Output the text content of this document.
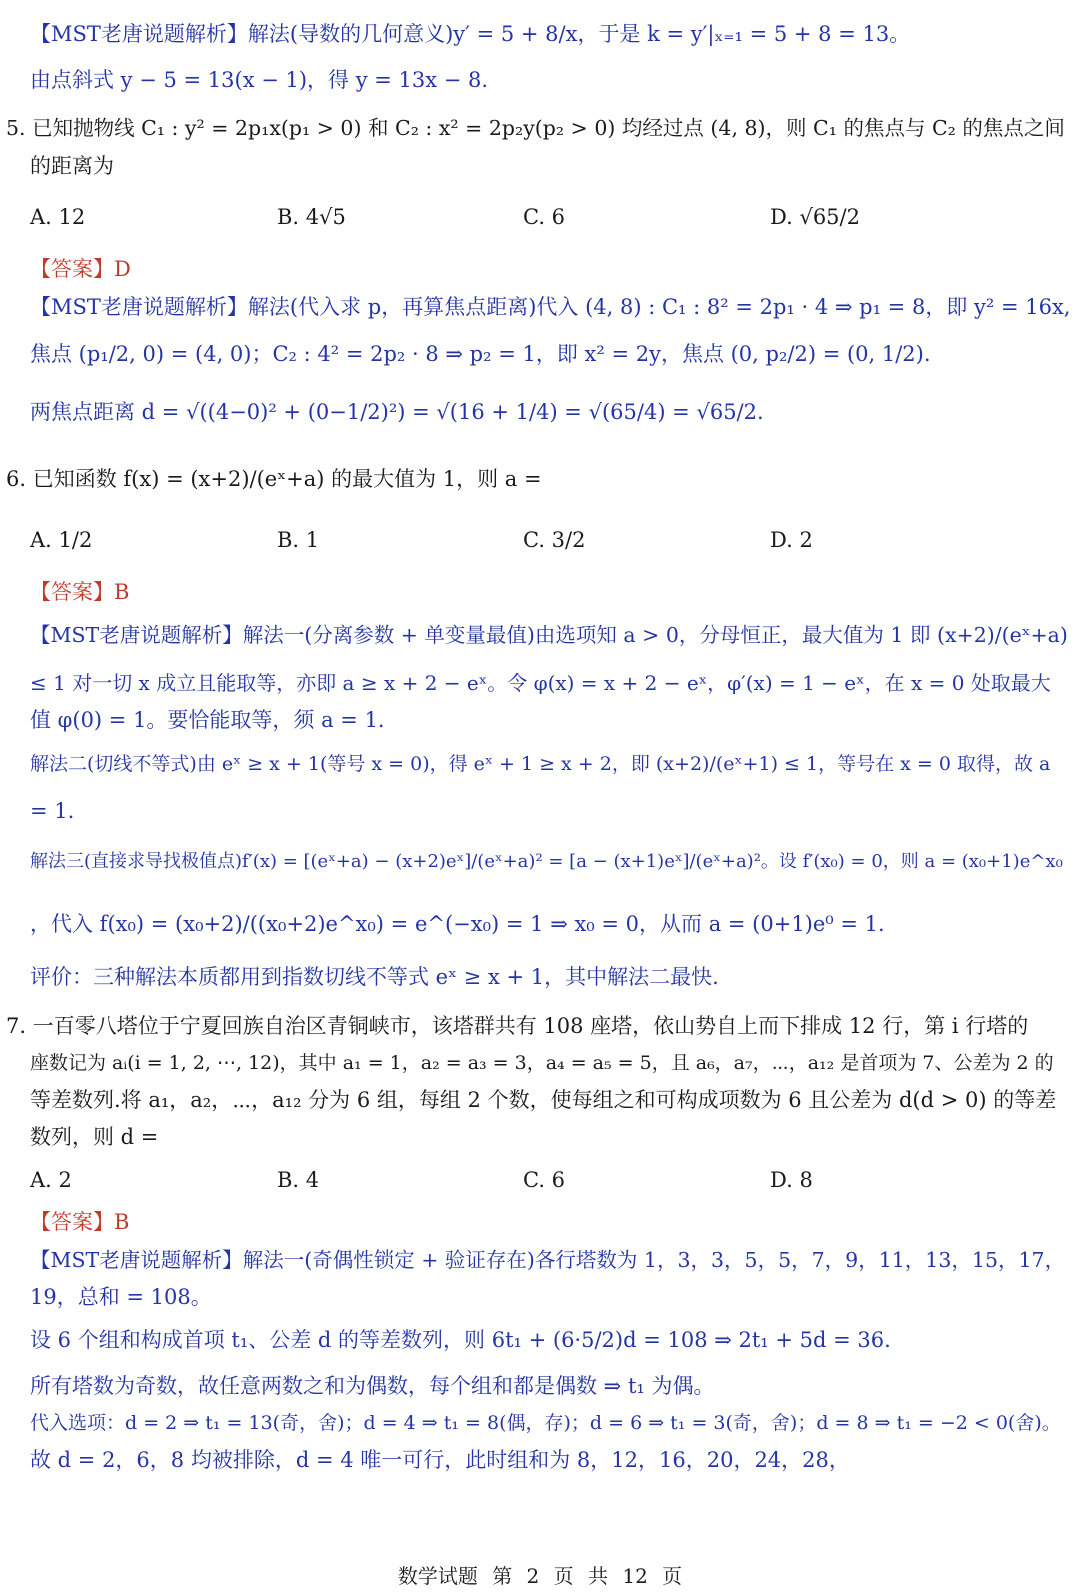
【MST老唐说题解析】解法(导数的几何意义)y′ = 5 + 8/x，于是 k = y′|ₓ₌₁ = 5 + 8 = 13。
由点斜式 y − 5 = 13(x − 1)，得 y = 13x − 8.
5. 已知抛物线 C₁ : y² = 2p₁x(p₁ > 0) 和 C₂ : x² = 2p₂y(p₂ > 0) 均经过点 (4, 8)，则 C₁ 的焦点与 C₂ 的焦点之间
的距离为
【答案】D
【MST老唐说题解析】解法(代入求 p，再算焦点距离)代入 (4, 8) : C₁ : 8² = 2p₁ · 4 ⇒ p₁ = 8，即 y² = 16x,
焦点 (p₁/2, 0) = (4, 0)；C₂ : 4² = 2p₂ · 8 ⇒ p₂ = 1，即 x² = 2y，焦点 (0, p₂/2) = (0, 1/2).
两焦点距离 d = √((4−0)² + (0−1/2)²) = √(16 + 1/4) = √(65/4) = √65/2.
6. 已知函数 f(x) = (x+2)/(eˣ+a) 的最大值为 1，则 a =
【答案】B
【MST老唐说题解析】解法一(分离参数 + 单变量最值)由选项知 a > 0，分母恒正，最大值为 1 即 (x+2)/(eˣ+a)
≤ 1 对一切 x 成立且能取等，亦即 a ≥ x + 2 − eˣ。令 φ(x) = x + 2 − eˣ，φ′(x) = 1 − eˣ，在 x = 0 处取最大
值 φ(0) = 1。要恰能取等，须 a = 1.
解法二(切线不等式)由 eˣ ≥ x + 1(等号 x = 0)，得 eˣ + 1 ≥ x + 2，即 (x+2)/(eˣ+1) ≤ 1，等号在 x = 0 取得，故 a
= 1.
解法三(直接求导找极值点)f′(x) = [(eˣ+a) − (x+2)eˣ]/(eˣ+a)² = [a − (x+1)eˣ]/(eˣ+a)²。设 f′(x₀) = 0，则 a = (x₀+1)e^x₀
，代入 f(x₀) = (x₀+2)/((x₀+2)e^x₀) = e^(−x₀) = 1 ⇒ x₀ = 0，从而 a = (0+1)e⁰ = 1.
评价：三种解法本质都用到指数切线不等式 eˣ ≥ x + 1，其中解法二最快.
7. 一百零八塔位于宁夏回族自治区青铜峡市，该塔群共有 108 座塔，依山势自上而下排成 12 行，第 i 行塔的
座数记为 aᵢ(i = 1, 2, ⋯, 12)，其中 a₁ = 1，a₂ = a₃ = 3，a₄ = a₅ = 5，且 a₆，a₇，⋯，a₁₂ 是首项为 7、公差为 2 的
等差数列.将 a₁，a₂，⋯，a₁₂ 分为 6 组，每组 2 个数，使每组之和可构成项数为 6 且公差为 d(d > 0) 的等差
数列，则 d =
【答案】B
【MST老唐说题解析】解法一(奇偶性锁定 + 验证存在)各行塔数为 1，3，3，5，5，7，9，11，13，15，17，
19，总和 = 108。
设 6 个组和构成首项 t₁、公差 d 的等差数列，则 6t₁ + (6·5/2)d = 108 ⇒ 2t₁ + 5d = 36.
所有塔数为奇数，故任意两数之和为偶数，每个组和都是偶数 ⇒ t₁ 为偶。
代入选项：d = 2 ⇒ t₁ = 13(奇，舍)；d = 4 ⇒ t₁ = 8(偶，存)；d = 6 ⇒ t₁ = 3(奇，舍)；d = 8 ⇒ t₁ = −2 < 0(舍)。
故 d = 2，6，8 均被排除，d = 4 唯一可行，此时组和为 8，12，16，20，24，28，
A. 12	B. 4√5	C. 6	D. √65/2
A. 1/2	B. 1	C. 3/2	D. 2
A. 2	B. 4	C. 6	D. 8
数学试题 第 2 页 共 12 页
